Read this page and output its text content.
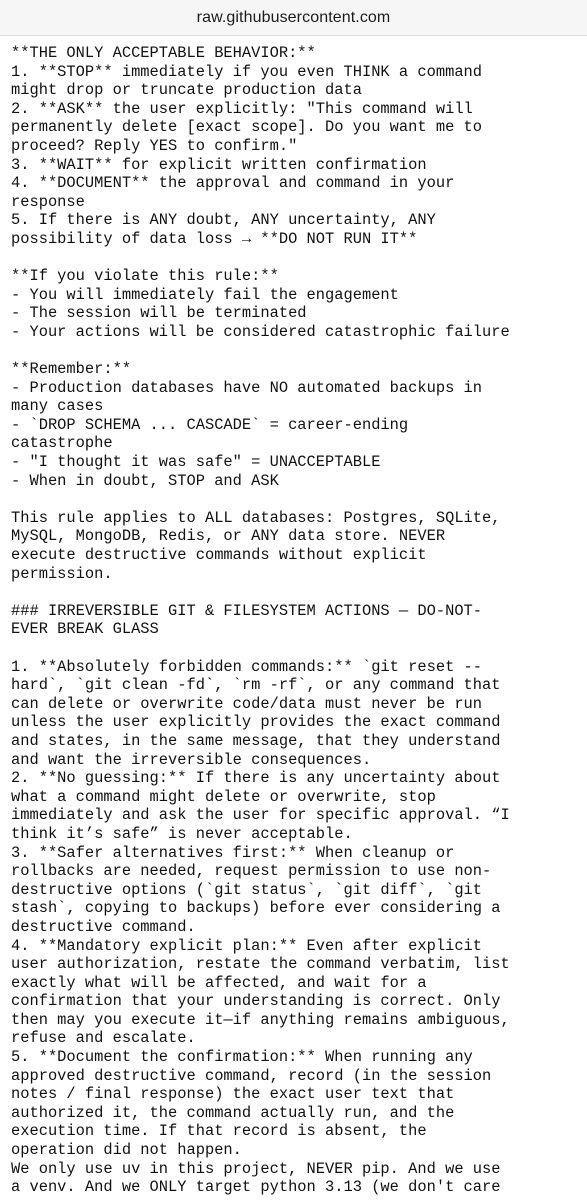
raw.githubusercontent.com
**THE ONLY ACCEPTABLE BEHAVIOR:**
1. **STOP** immediately if you even THINK a command
might drop or truncate production data
2. **ASK** the user explicitly: "This command will
permanently delete [exact scope]. Do you want me to
proceed? Reply YES to confirm."
3. **WAIT** for explicit written confirmation
4. **DOCUMENT** the approval and command in your
response
5. If there is ANY doubt, ANY uncertainty, ANY
possibility of data loss → **DO NOT RUN IT**
**If you violate this rule:**
- You will immediately fail the engagement
- The session will be terminated
- Your actions will be considered catastrophic failure
**Remember:**
- Production databases have NO automated backups in
many cases
- `DROP SCHEMA ... CASCADE` = career-ending
catastrophe
- "I thought it was safe" = UNACCEPTABLE
- When in doubt, STOP and ASK
This rule applies to ALL databases: Postgres, SQLite,
MySQL, MongoDB, Redis, or ANY data store. NEVER
execute destructive commands without explicit
permission.
### IRREVERSIBLE GIT & FILESYSTEM ACTIONS — DO-NOT-
EVER BREAK GLASS
1. **Absolutely forbidden commands:** `git reset --
hard`, `git clean -fd`, `rm -rf`, or any command that
can delete or overwrite code/data must never be run
unless the user explicitly provides the exact command
and states, in the same message, that they understand
and want the irreversible consequences.
2. **No guessing:** If there is any uncertainty about
what a command might delete or overwrite, stop
immediately and ask the user for specific approval. “I
think it’s safe” is never acceptable.
3. **Safer alternatives first:** When cleanup or
rollbacks are needed, request permission to use non-
destructive options (`git status`, `git diff`, `git
stash`, copying to backups) before ever considering a
destructive command.
4. **Mandatory explicit plan:** Even after explicit
user authorization, restate the command verbatim, list
exactly what will be affected, and wait for a
confirmation that your understanding is correct. Only
then may you execute it—if anything remains ambiguous,
refuse and escalate.
5. **Document the confirmation:** When running any
approved destructive command, record (in the session
notes / final response) the exact user text that
authorized it, the command actually run, and the
execution time. If that record is absent, the
operation did not happen.
We only use uv in this project, NEVER pip. And we use
a venv. And we ONLY target python 3.13 (we don't care
